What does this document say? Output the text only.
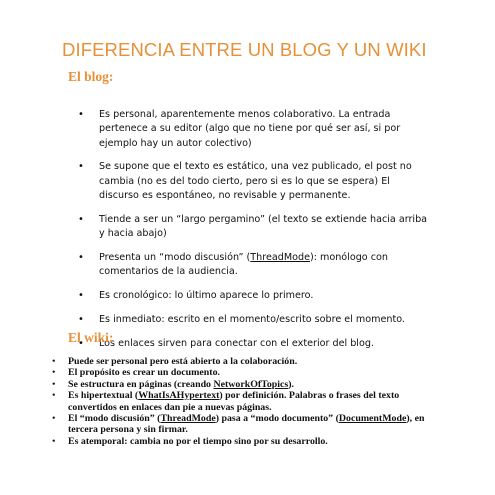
DIFERENCIA ENTRE UN BLOG Y UN WIKI
El blog:
• Es personal, aparentemente menos colaborativo. La entrada pertenece a su editor (algo que no tiene por qué ser así, si por ejemplo hay un autor colectivo)
• Se supone que el texto es estático, una vez publicado, el post no cambia (no es del todo cierto, pero si es lo que se espera) El discurso es espontáneo, no revisable y permanente.
• Tiende a ser un “largo pergamino” (el texto se extiende hacia arriba y hacia abajo)
• Presenta un “modo discusión” (ThreadMode): monólogo con comentarios de la audiencia.
• Es cronológico: lo último aparece lo primero.
• Es inmediato: escrito en el momento/escrito sobre el momento.
• Los enlaces sirven para conectar con el exterior del blog.
El wiki:
• Puede ser personal pero está abierto a la colaboración.
• El propósito es crear un documento.
• Se estructura en páginas (creando NetworkOfTopics).
• Es hipertextual (WhatIsAHypertext) por definición. Palabras o frases del texto convertidos en enlaces dan pie a nuevas páginas.
• El “modo discusión” (ThreadMode) pasa a “modo documento” (DocumentMode), en tercera persona y sin firmar.
• Es atemporal: cambia no por el tiempo sino por su desarrollo.
